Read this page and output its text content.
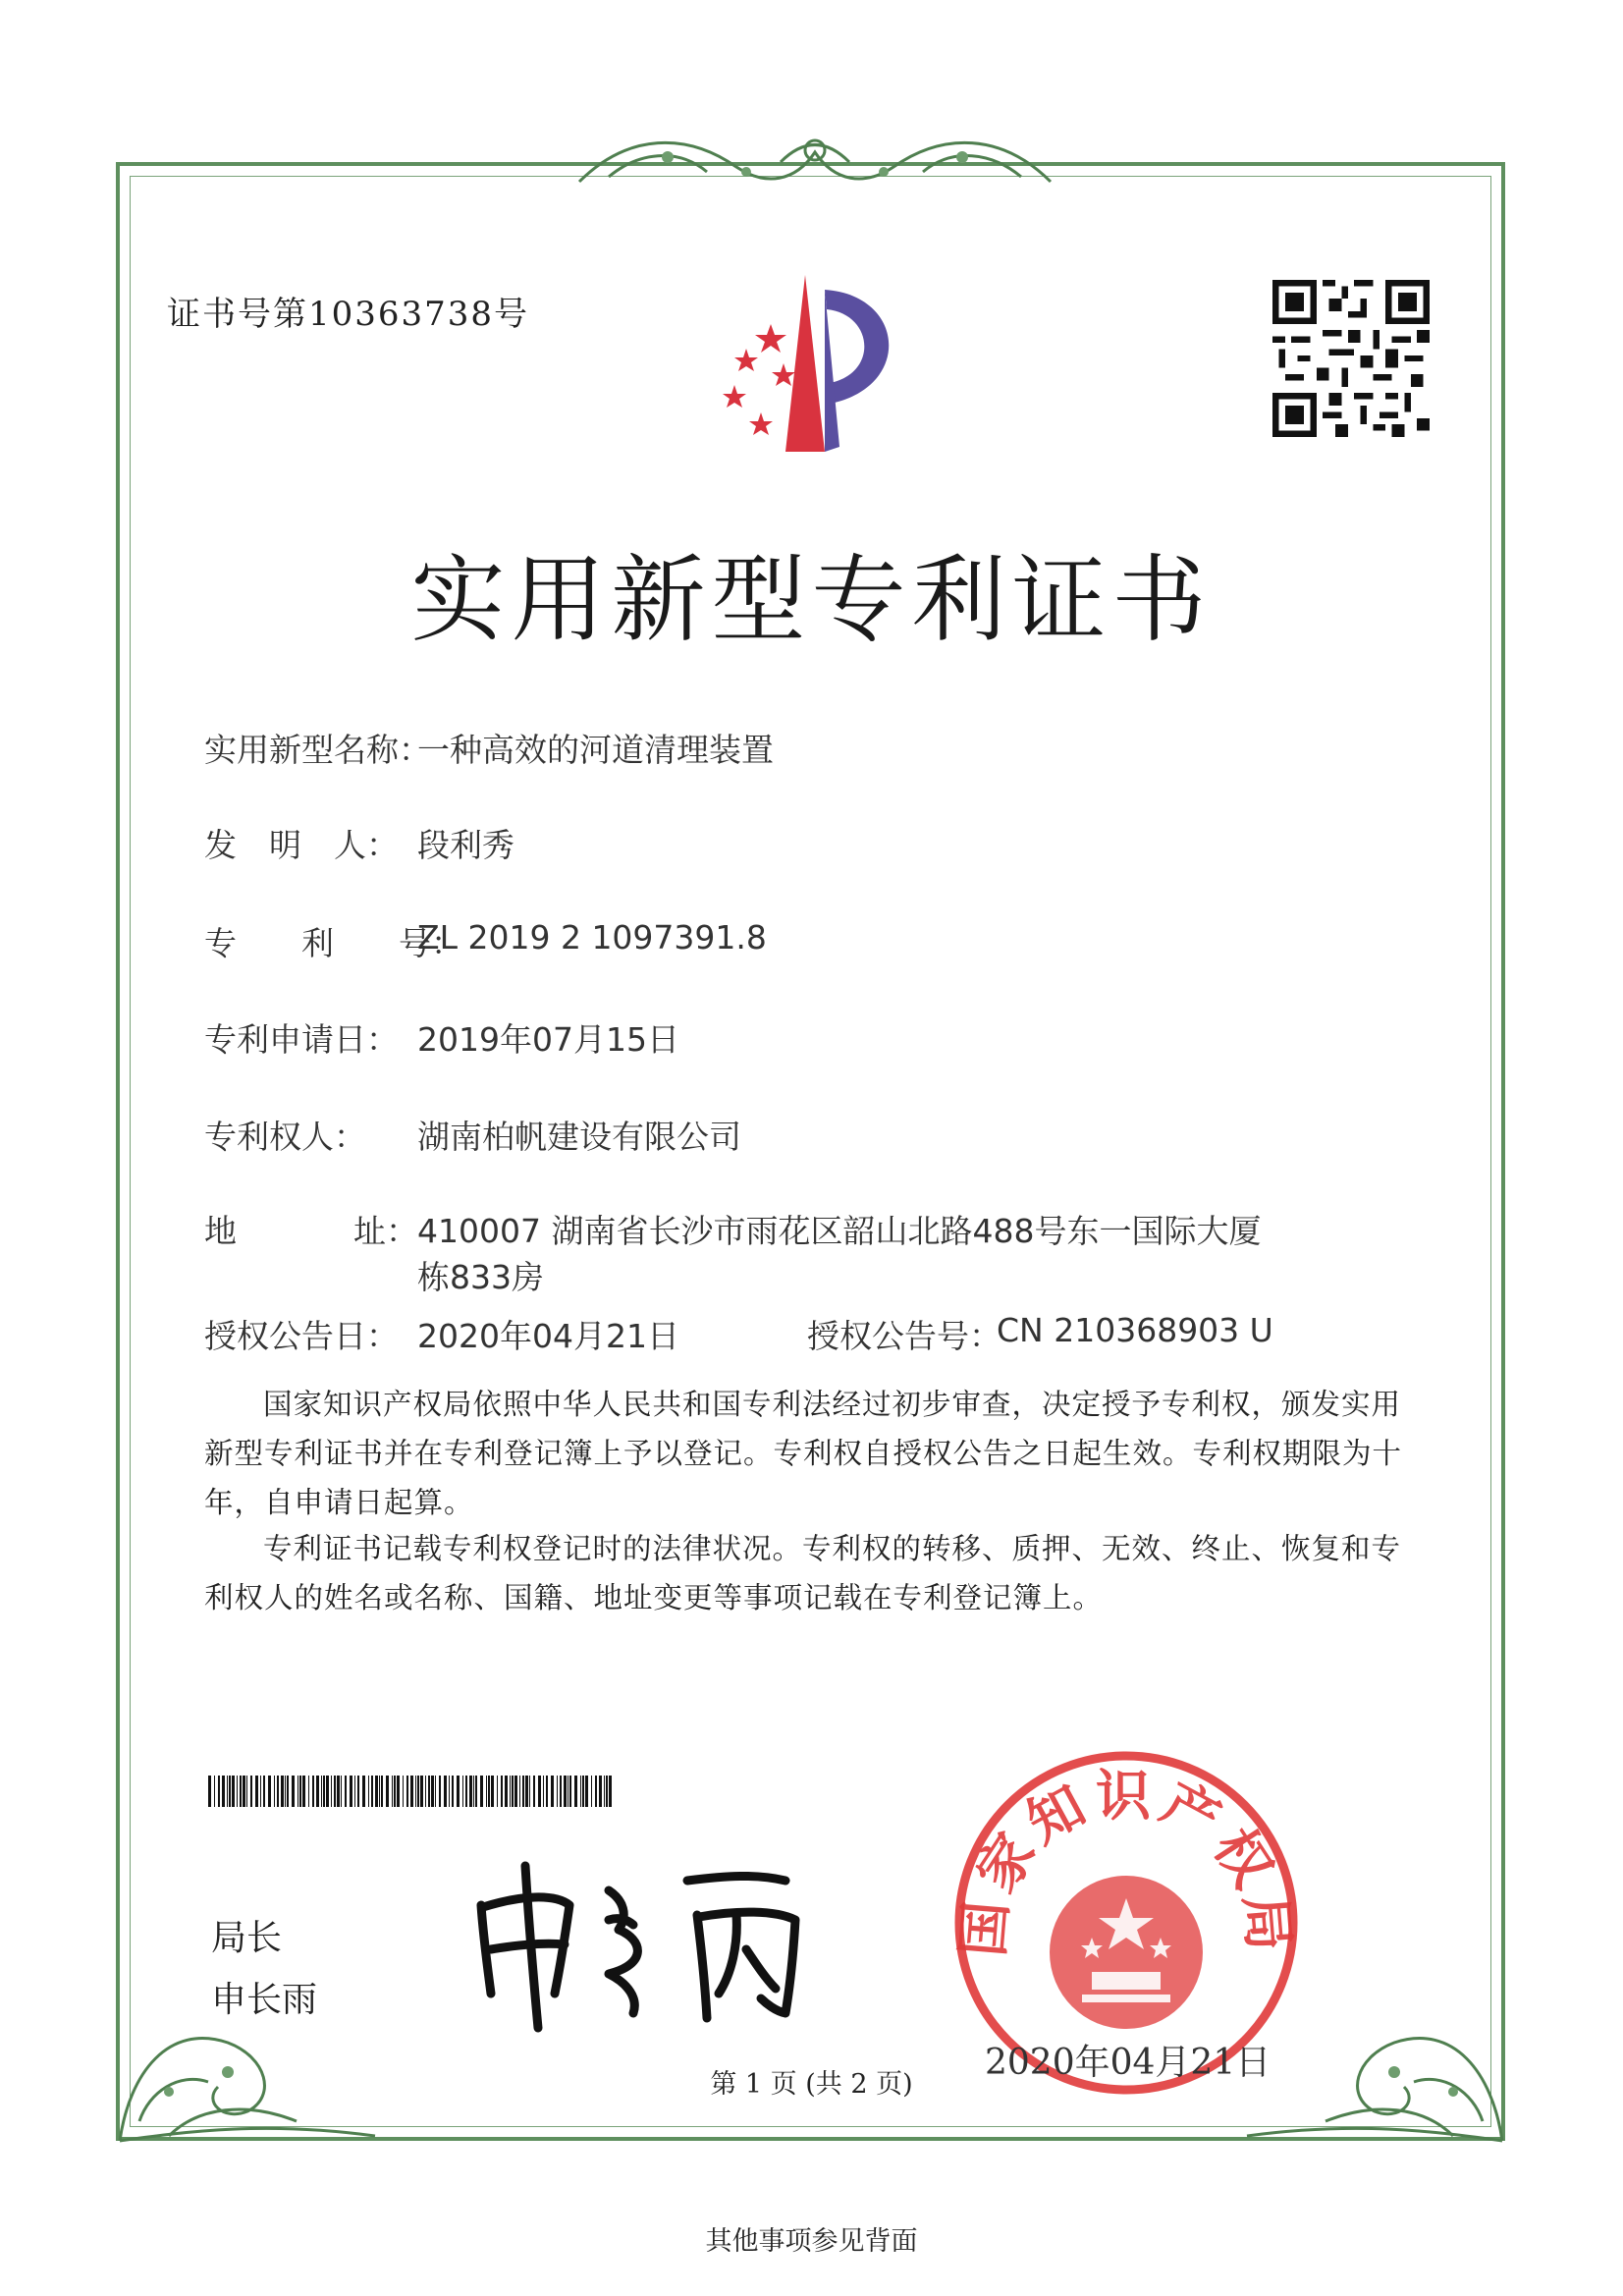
证书号第10363738号
实用新型专利证书
实用新型名称：
一种高效的河道清理装置
发　明　人： 段利秀
专　　利　　号：
ZL 2019 2 1097391.8
专利申请日： 2019年07月15日
专利权人： 湖南柏帆建设有限公司
地	址： 410007 湖南省长沙市雨花区韶山北路488号东一国际大厦
栋833房
授权公告日： 2020年04月21日	授权公告号：
CN 210368903 U
国家知识产权局依照中华人民共和国专利法经过初步审查，决定授予专利权，颁发实用新型专利证书并在专利登记簿上予以登记。专利权自授权公告之日起生效。专利权期限为十年，自申请日起算。
专利证书记载专利权登记时的法律状况。专利权的转移、质押、无效、终止、恢复和专利权人的姓名或名称、国籍、地址变更等事项记载在专利登记簿上。
局长
申长雨
国家知识产权局
2020年04月21日
第 1 页 (共 2 页)
其他事项参见背面
